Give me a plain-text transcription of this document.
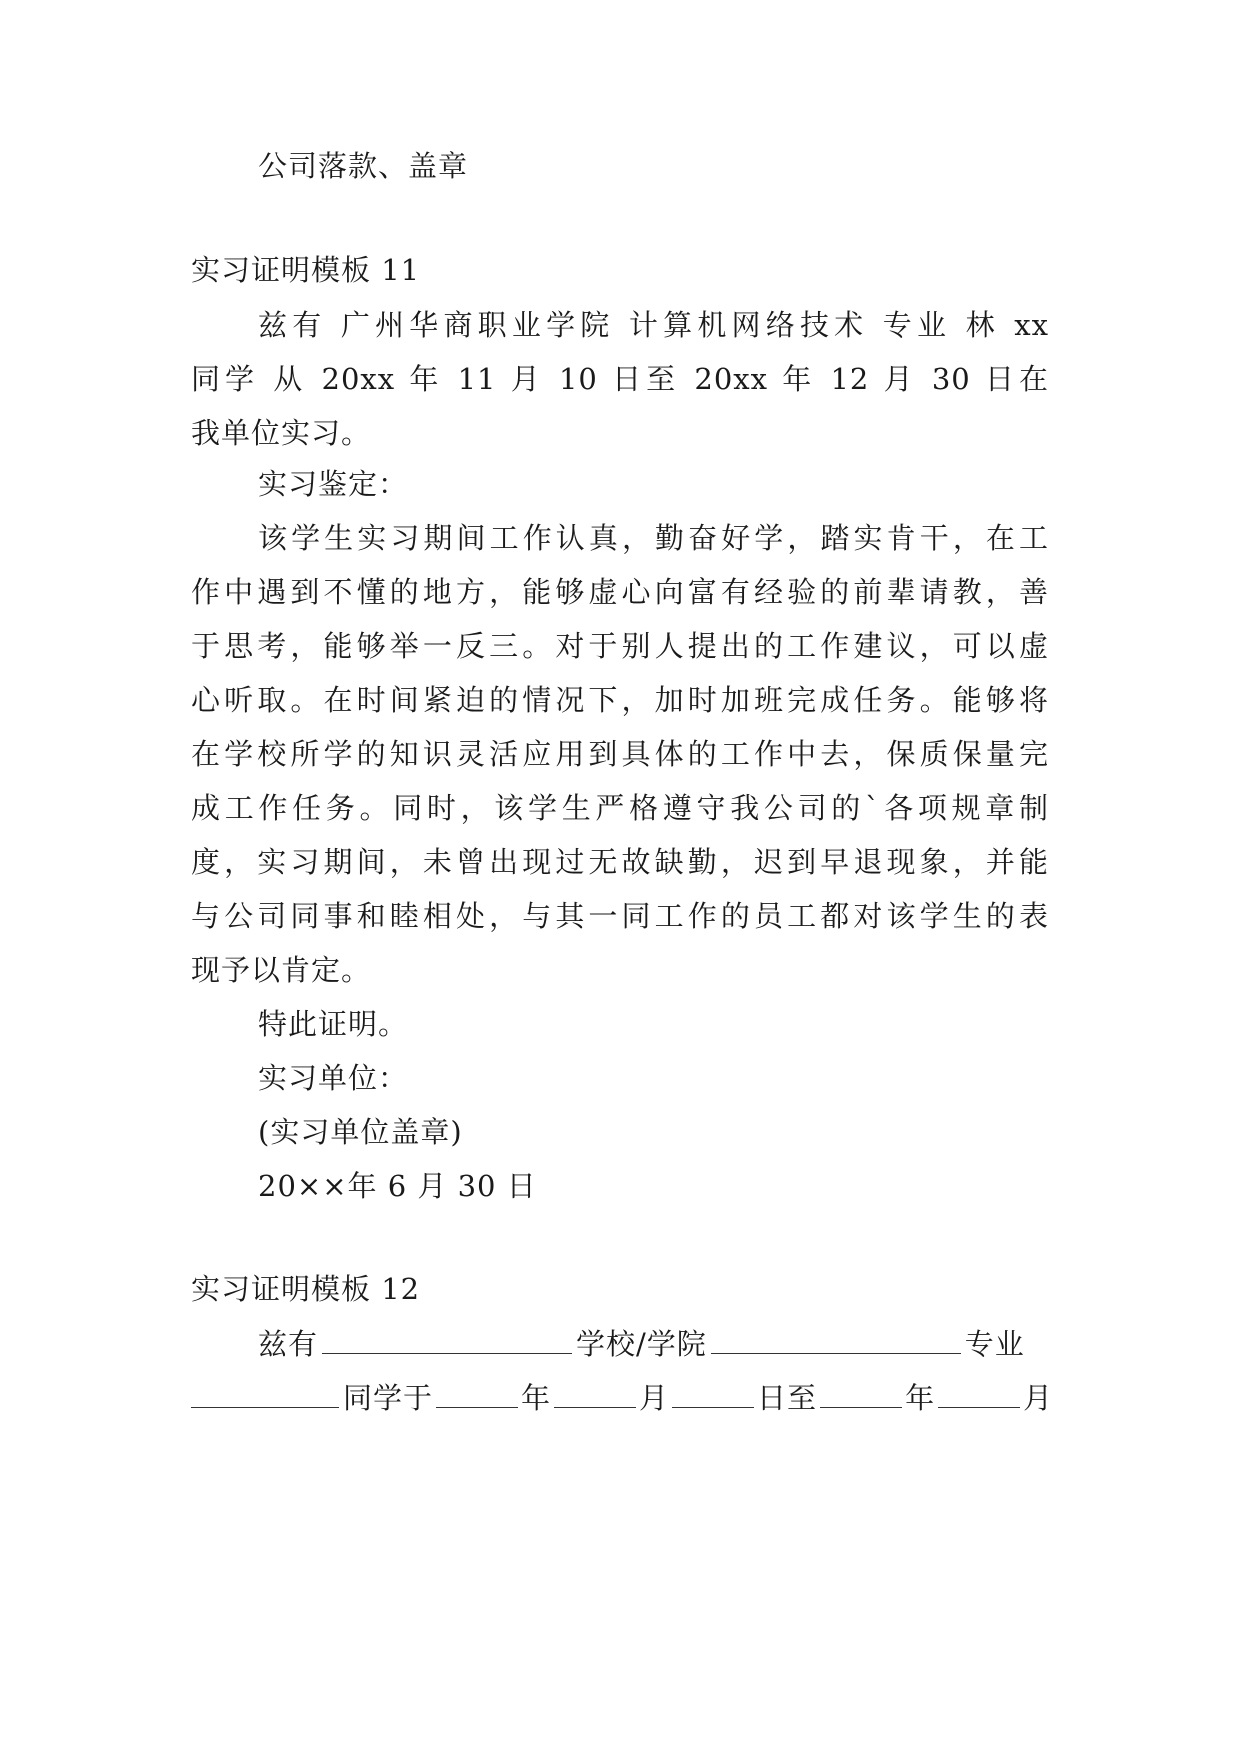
公司落款、盖章
实习证明模板 11
兹有 广州华商职业学院 计算机网络技术 专业 林 xx
同学 从 20xx 年 11 月 10 日至 20xx 年 12 月 30 日在
我单位实习。
实习鉴定：
该学生实习期间工作认真，勤奋好学，踏实肯干，在工
作中遇到不懂的地方，能够虚心向富有经验的前辈请教，善
于思考，能够举一反三。对于别人提出的工作建议，可以虚
心听取。在时间紧迫的情况下，加时加班完成任务。能够将
在学校所学的知识灵活应用到具体的工作中去，保质保量完
成工作任务。同时，该学生严格遵守我公司的`各项规章制
度，实习期间，未曾出现过无故缺勤，迟到早退现象，并能
与公司同事和睦相处，与其一同工作的员工都对该学生的表
现予以肯定。
特此证明。
实习单位：
(实习单位盖章)
20××年 6 月 30 日
实习证明模板 12
兹有	学校/学院	专业
同学于	年	月	日至	年	月
